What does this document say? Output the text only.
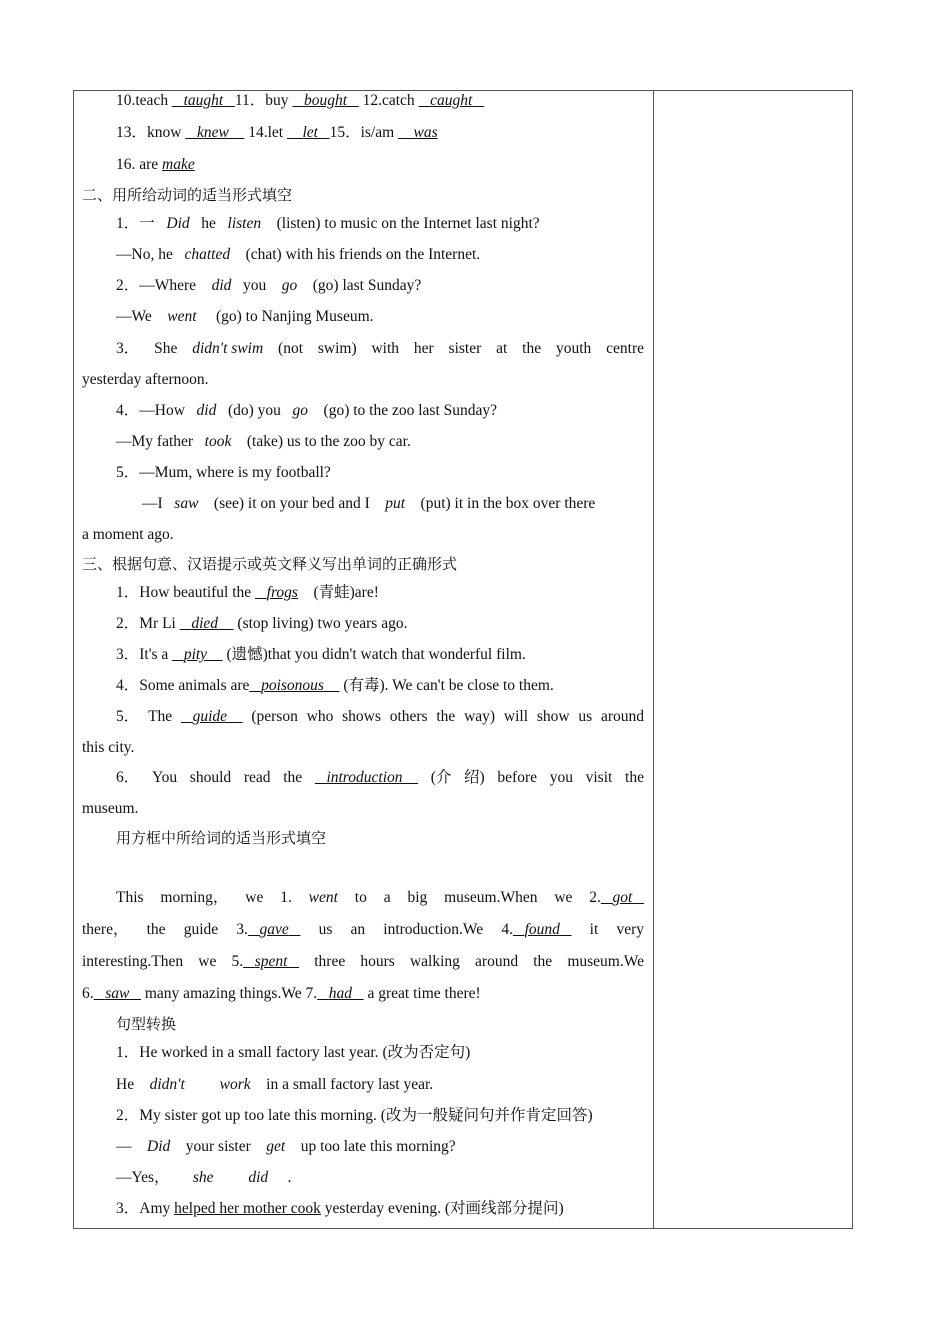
10.teach    taught 11．buy    bought    12.catch    caught
13．know    knew     14.let     let 15．is/am     was
16. are make
二、用所给动词的适当形式填空
1．一   Did   he   listen    (listen) to music on the Internet last night?
—No, he   chatted    (chat) with his friends on the Internet.
2．—Where    did   you    go    (go) last Sunday?
—We    went     (go) to Nanjing Museum.
3． She didn't swim (not swim) with her sister at the youth centre
yesterday afternoon.
4．—How   did   (do) you   go    (go) to the zoo last Sunday?
—My father   took    (take) us to the zoo by car.
5．—Mum, where is my football?
—I   saw    (see) it on your bed and I    put    (put) it in the box over there
a moment ago.
三、根据句意、汉语提示或英文释义写出单词的正确形式
1．How beautiful the    frogs    (青蛙)are!
2．Mr Li    died     (stop living) two years ago.
3．It's a    pity     (遗憾)that you didn't watch that wonderful film.
4．Some animals are poisonous     (有毒). We can't be close to them.
5． The	guide	(person who shows others the way) will show us around
this city.
6． You should read the	introduction	(介 绍) before you visit the
museum.
用方框中所给词的适当形式填空
This morning， we 1. went to a big museum.When we 2. got
there， the guide 3. gave	us an introduction.We 4. found	it very
interesting.Then we 5. spent	three hours walking around the museum.We
6. saw    many amazing things.We 7. had    a great time there!
句型转换
1．He worked in a small factory last year. (改为否定句)
He    didn't work    in a small factory last year.
2．My sister got up too late this morning. (改为一般疑问句并作肯定回答)
—    Did    your sister    get    up too late this morning?
—Yes，      she did     .
3．Amy helped her mother cook yesterday evening. (对画线部分提问)
